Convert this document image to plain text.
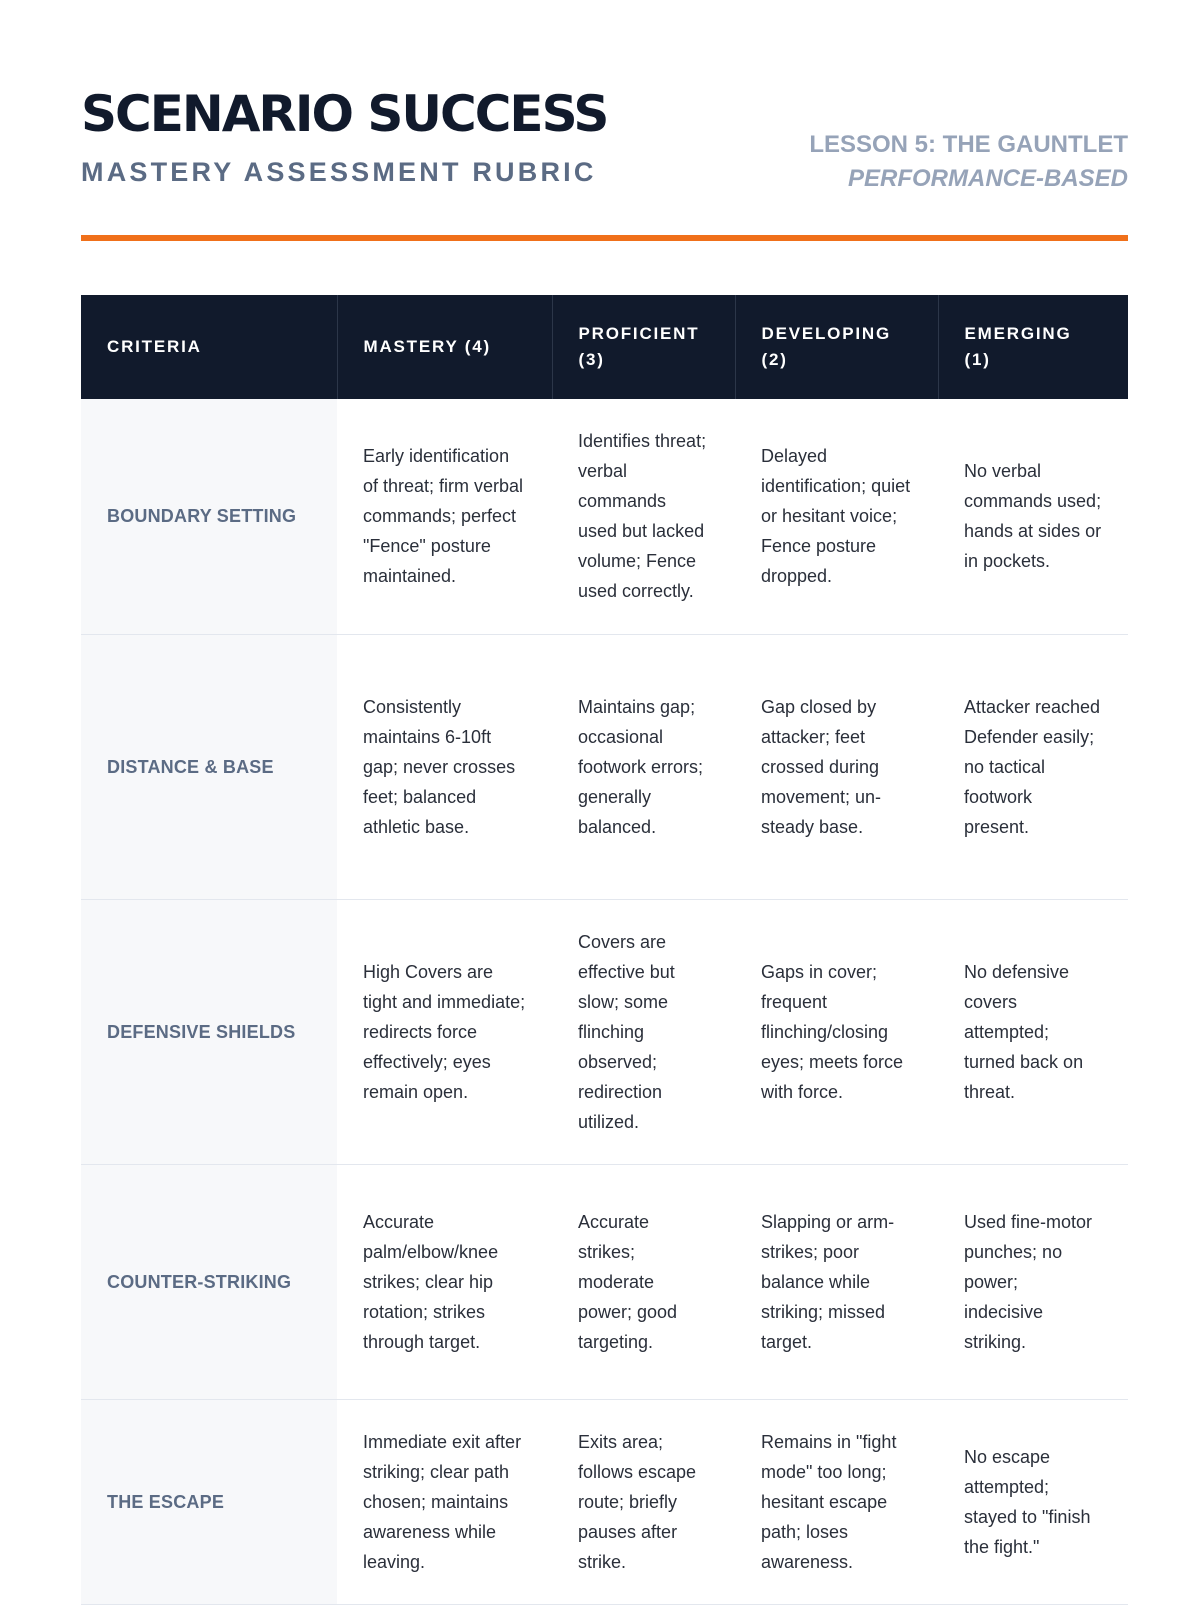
SCENARIO SUCCESS
MASTERY ASSESSMENT RUBRIC
LESSON 5: THE GAUNTLET
PERFORMANCE-BASED
CRITERIA	MASTERY (4)	PROFICIENT (3)	DEVELOPING (2)	EMERGING (1)
BOUNDARY SETTING	Early identification of threat; firm verbal commands; perfect "Fence" posture maintained.	Identifies threat; verbal commands used but lacked volume; Fence used correctly.	Delayed identification; quiet or hesitant voice; Fence posture dropped.	No verbal commands used; hands at sides or in pockets.
DISTANCE & BASE	Consistently maintains 6-10ft gap; never crosses feet; balanced athletic base.	Maintains gap; occasional footwork errors; generally balanced.	Gap closed by attacker; feet crossed during movement; un-steady base.	Attacker reached Defender easily; no tactical footwork present.
DEFENSIVE SHIELDS	High Covers are tight and immediate; redirects force effectively; eyes remain open.	Covers are effective but slow; some flinching observed; redirection utilized.	Gaps in cover; frequent flinching/closing eyes; meets force with force.	No defensive covers attempted; turned back on threat.
COUNTER-STRIKING	Accurate palm/elbow/knee strikes; clear hip rotation; strikes through target.	Accurate strikes; moderate power; good targeting.	Slapping or arm-strikes; poor balance while striking; missed target.	Used fine-motor punches; no power; indecisive striking.
THE ESCAPE	Immediate exit after striking; clear path chosen; maintains awareness while leaving.	Exits area; follows escape route; briefly pauses after strike.	Remains in "fight mode" too long; hesitant escape path; loses awareness.	No escape attempted; stayed to "finish the fight."
